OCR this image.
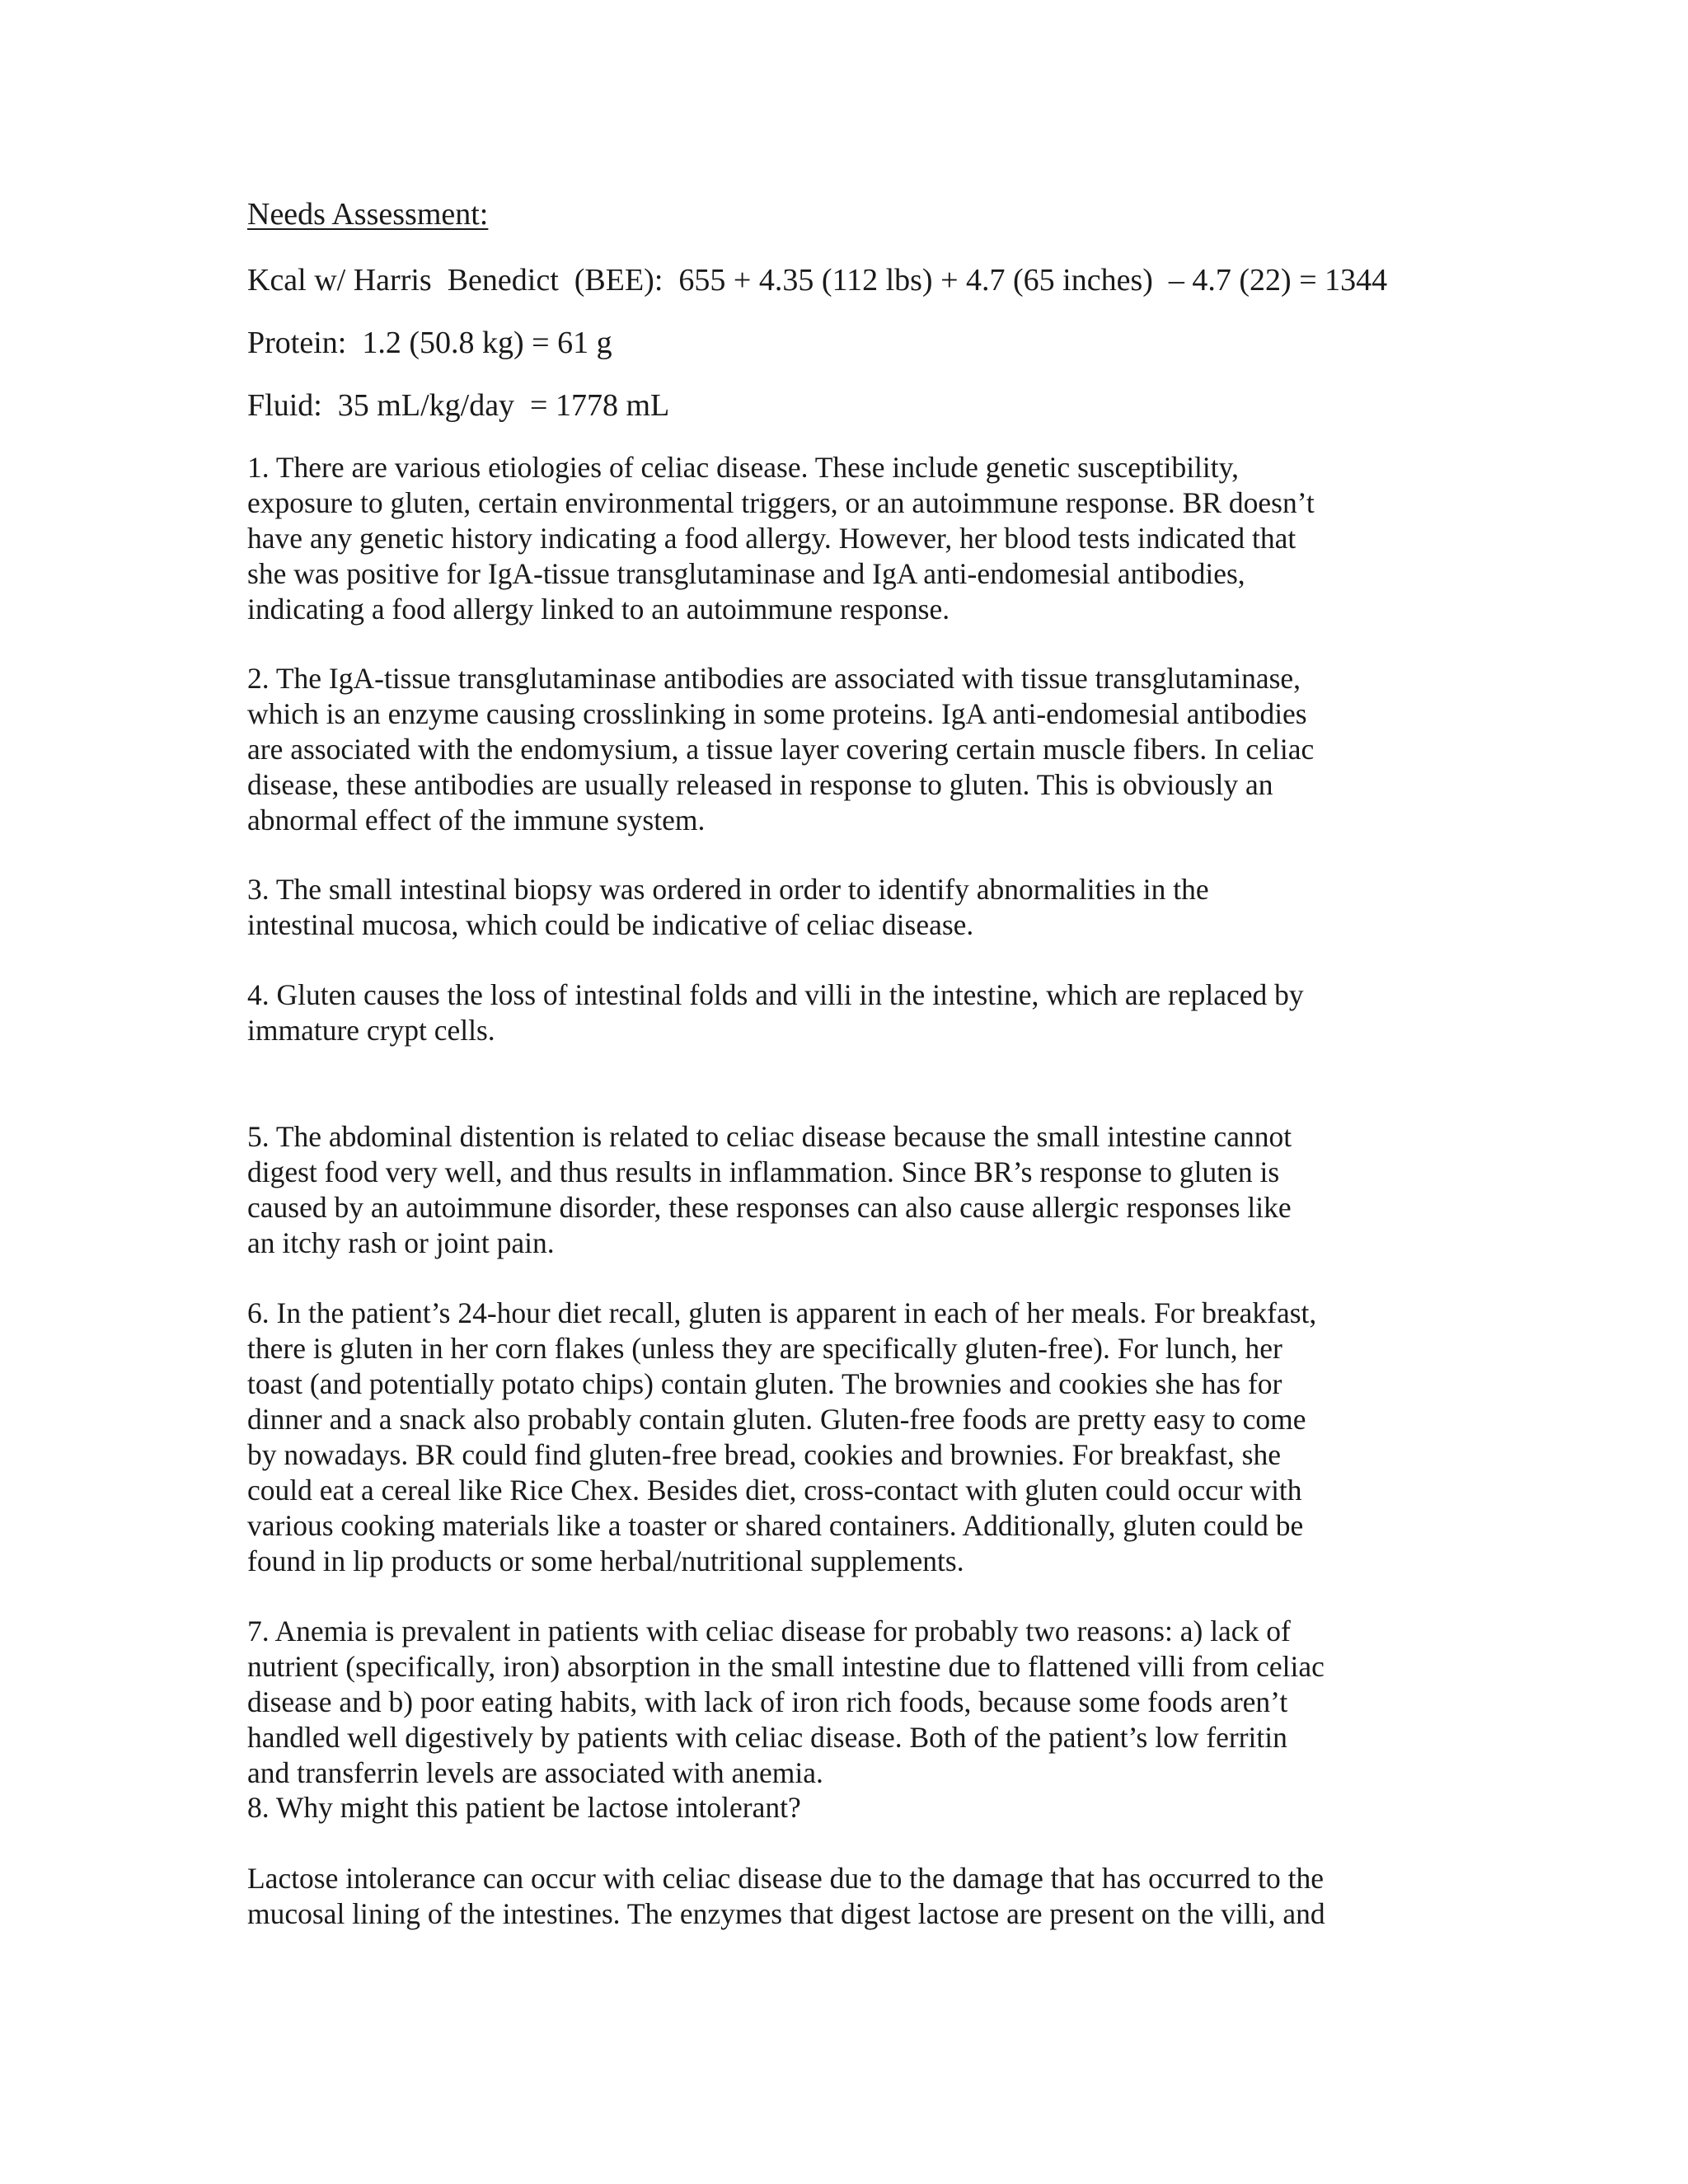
Needs Assessment:
Kcal w/ Harris  Benedict  (BEE):  655 + 4.35 (112 lbs) + 4.7 (65 inches)  – 4.7 (22) = 1344
Protein:  1.2 (50.8 kg) = 61 g
Fluid:  35 mL/kg/day  = 1778 mL
1. There are various etiologies of celiac disease. These include genetic susceptibility,
exposure to gluten, certain environmental triggers, or an autoimmune response. BR doesn’t
have any genetic history indicating a food allergy. However, her blood tests indicated that
she was positive for IgA-tissue transglutaminase and IgA anti-endomesial antibodies,
indicating a food allergy linked to an autoimmune response.
2. The IgA-tissue transglutaminase antibodies are associated with tissue transglutaminase,
which is an enzyme causing crosslinking in some proteins. IgA anti-endomesial antibodies
are associated with the endomysium, a tissue layer covering certain muscle fibers. In celiac
disease, these antibodies are usually released in response to gluten. This is obviously an
abnormal effect of the immune system.
3. The small intestinal biopsy was ordered in order to identify abnormalities in the
intestinal mucosa, which could be indicative of celiac disease.
4. Gluten causes the loss of intestinal folds and villi in the intestine, which are replaced by
immature crypt cells.
5. The abdominal distention is related to celiac disease because the small intestine cannot
digest food very well, and thus results in inflammation. Since BR’s response to gluten is
caused by an autoimmune disorder, these responses can also cause allergic responses like
an itchy rash or joint pain.
6. In the patient’s 24-hour diet recall, gluten is apparent in each of her meals. For breakfast,
there is gluten in her corn flakes (unless they are specifically gluten-free). For lunch, her
toast (and potentially potato chips) contain gluten. The brownies and cookies she has for
dinner and a snack also probably contain gluten. Gluten-free foods are pretty easy to come
by nowadays. BR could find gluten-free bread, cookies and brownies. For breakfast, she
could eat a cereal like Rice Chex. Besides diet, cross-contact with gluten could occur with
various cooking materials like a toaster or shared containers. Additionally, gluten could be
found in lip products or some herbal/nutritional supplements.
7. Anemia is prevalent in patients with celiac disease for probably two reasons: a) lack of
nutrient (specifically, iron) absorption in the small intestine due to flattened villi from celiac
disease and b) poor eating habits, with lack of iron rich foods, because some foods aren’t
handled well digestively by patients with celiac disease. Both of the patient’s low ferritin
and transferrin levels are associated with anemia.
8. Why might this patient be lactose intolerant?
Lactose intolerance can occur with celiac disease due to the damage that has occurred to the
mucosal lining of the intestines. The enzymes that digest lactose are present on the villi, and
